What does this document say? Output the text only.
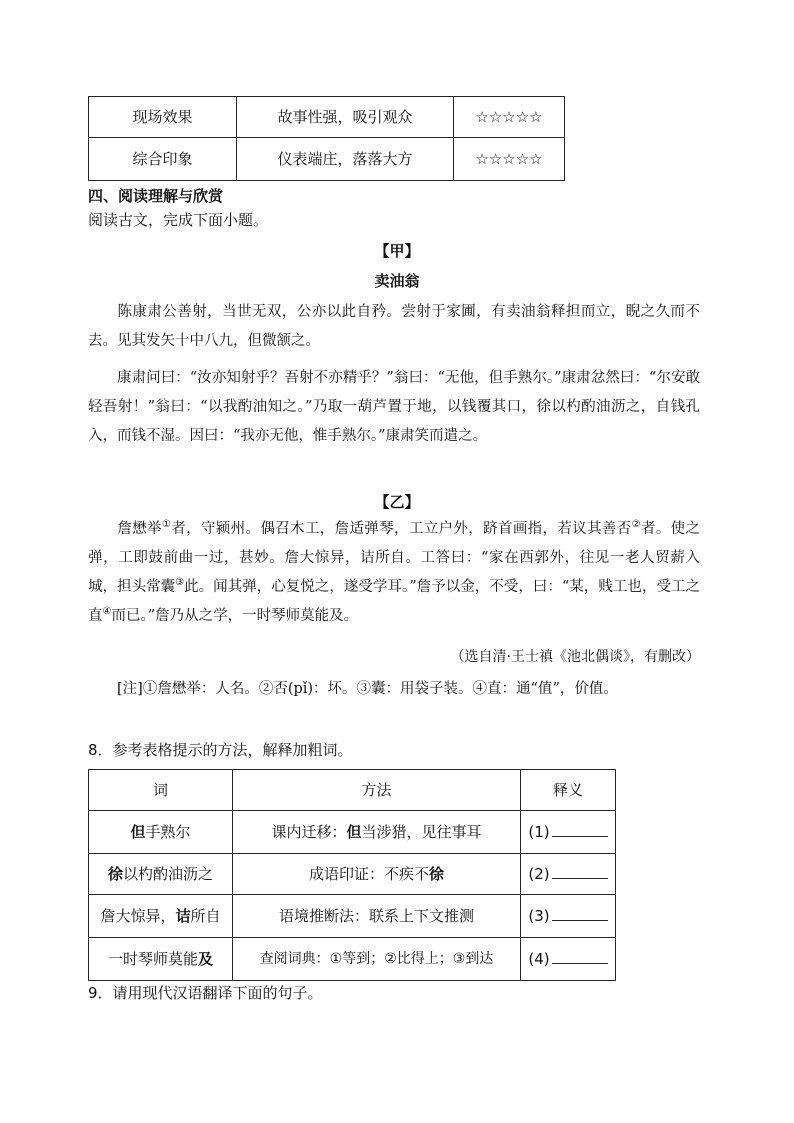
现场效果	故事性强，吸引观众	☆☆☆☆☆
综合印象	仪表端庄，落落大方	☆☆☆☆☆
四、阅读理解与欣赏
阅读古文，完成下面小题。
【甲】
卖油翁
陈康肃公善射，当世无双，公亦以此自矜。尝射于家圃，有卖油翁释担而立，睨之久而不去。见其发矢十中八九，但微颔之。
康肃问曰：“汝亦知射乎？吾射不亦精乎？”翁曰：“无他，但手熟尔。”康肃忿然曰：“尔安敢轻吾射！”翁曰：“以我酌油知之。”乃取一葫芦置于地，以钱覆其口，徐以杓酌油沥之，自钱孔入，而钱不湿。因曰：“我亦无他，惟手熟尔。”康肃笑而遣之。
【乙】
詹懋举①者，守颍州。偶召木工，詹适弹琴，工立户外，跻首画指，若议其善否②者。使之弹，工即鼓前曲一过，甚妙。詹大惊异，诘所自。工答曰：“家在西郭外，往见一老人贸薪入城，担头常囊③此。闻其弹，心复悦之，遂受学耳。”詹予以金，不受，曰：“某，贱工也，受工之直④而已。”詹乃从之学，一时琴师莫能及。
（选自清·王士禛《池北偶谈》，有删改）
[注]①詹懋举：人名。②否(pǐ)：坏。③囊：用袋子装。④直：通“值”，价值。
8．参考表格提示的方法，解释加粗词。
词	方法	释义
但手熟尔	课内迁移：但当涉猎，见往事耳	(1)
徐以杓酌油沥之	成语印证：不疾不徐	(2)
詹大惊异，诘所自	语境推断法：联系上下文推测	(3)
一时琴师莫能及	查阅词典：①等到；②比得上；③到达	(4)
9．请用现代汉语翻译下面的句子。
